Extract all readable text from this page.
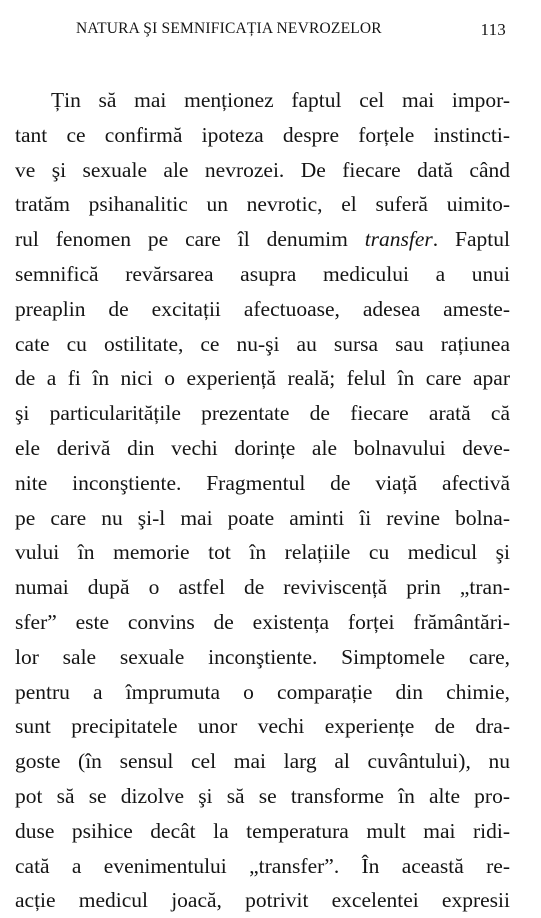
NATURA ŞI SEMNIFICAȚIA NEVROZELOR	113
Țin să mai menționez faptul cel mai impor-
tant ce confirmă ipoteza despre forțele instincti-
ve şi sexuale ale nevrozei. De fiecare dată când
tratăm psihanalitic un nevrotic, el suferă uimito-
rul fenomen pe care îl denumim transfer. Faptul
semnifică revărsarea asupra medicului a unui
preaplin de excitații afectuoase, adesea ameste-
cate cu ostilitate, ce nu-şi au sursa sau rațiunea
de a fi în nici o experiență reală; felul în care apar
şi particularitățile prezentate de fiecare arată că
ele derivă din vechi dorințe ale bolnavului deve-
nite inconştiente. Fragmentul de viață afectivă
pe care nu şi-l mai poate aminti îi revine bolna-
vului în memorie tot în relațiile cu medicul şi
numai după o astfel de reviviscență prin „tran-
sfer” este convins de existența forței frământări-
lor sale sexuale inconştiente. Simptomele care,
pentru a împrumuta o comparație din chimie,
sunt precipitatele unor vechi experiențe de dra-
goste (în sensul cel mai larg al cuvântului), nu
pot să se dizolve şi să se transforme în alte pro-
duse psihice decât la temperatura mult mai ridi-
cată a evenimentului „transfer”. În această re-
acție medicul joacă, potrivit excelentei expresii
